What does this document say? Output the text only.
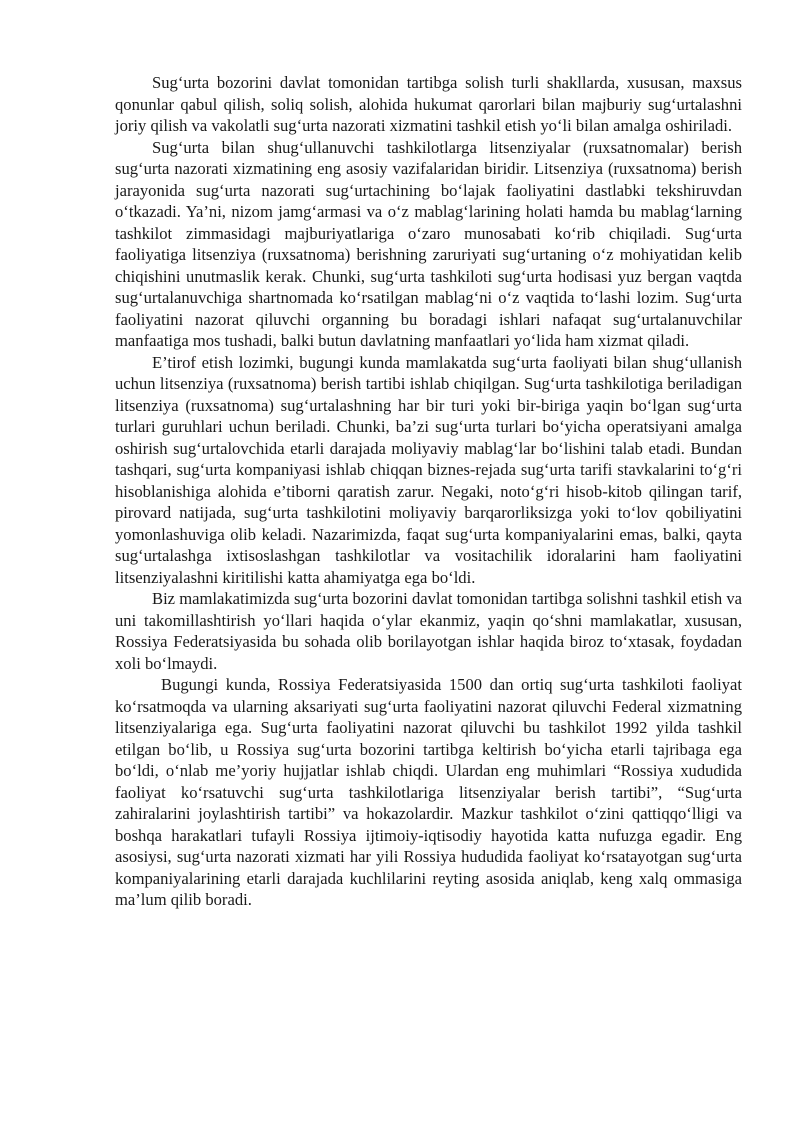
Sug‘urta bozorini davlat tomonidan tartibga solish turli shakllarda, xususan, maxsus qonunlar qabul qilish, soliq solish, alohida hukumat qarorlari bilan majburiy sug‘urtalashni joriy qilish va vakolatli sug‘urta nazorati xizmatini tashkil etish yo‘li bilan amalga oshiriladi.

Sug‘urta bilan shug‘ullanuvchi tashkilotlarga litsenziyalar (ruxsatnomalar) berish sug‘urta nazorati xizmatining eng asosiy vazifalaridan biridir. Litsenziya (ruxsatnoma) berish jarayonida sug‘urta nazorati sug‘urtachining bo‘lajak faoliyatini dastlabki tekshiruvdan o‘tkazadi. Ya’ni, nizom jamg‘armasi va o‘z mablag‘larining holati hamda bu mablag‘larning tashkilot zimmasidagi majburiyatlariga o‘zaro munosabati ko‘rib chiqiladi. Sug‘urta faoliyatiga litsenziya (ruxsatnoma) berishning zaruriyati sug‘urtaning o‘z mohiyatidan kelib chiqishini unutmaslik kerak. Chunki, sug‘urta tashkiloti sug‘urta hodisasi yuz bergan vaqtda sug‘urtalanuvchiga shartnomada ko‘rsatilgan mablag‘ni o‘z vaqtida to‘lashi lozim. Sug‘urta faoliyatini nazorat qiluvchi organning bu boradagi ishlari nafaqat sug‘urtalanuvchilar manfaatiga mos tushadi, balki butun davlatning manfaatlari yo‘lida ham xizmat qiladi.

E’tirof etish lozimki, bugungi kunda mamlakatda sug‘urta faoliyati bilan shug‘ullanish uchun litsenziya (ruxsatnoma) berish tartibi ishlab chiqilgan. Sug‘urta tashkilotiga beriladigan litsenziya (ruxsatnoma) sug‘urtalashning har bir turi yoki bir-biriga yaqin bo‘lgan sug‘urta turlari guruhlari uchun beriladi. Chunki, ba’zi sug‘urta turlari bo‘yicha operatsiyani amalga oshirish sug‘urtalovchida etarli darajada moliyaviy mablag‘lar bo‘lishini talab etadi. Bundan tashqari, sug‘urta kompaniyasi ishlab chiqqan biznes-rejada sug‘urta tarifi stavkalarini to‘g‘ri hisoblanishiga alohida e’tiborni qaratish zarur. Negaki, noto‘g‘ri hisob-kitob qilingan tarif, pirovard natijada, sug‘urta tashkilotini moliyaviy barqarorliksizga yoki to‘lov qobiliyatini yomonlashuviga olib keladi. Nazarimizda, faqat sug‘urta kompaniyalarini emas, balki, qayta sug‘urtalashga ixtisoslashgan tashkilotlar va vositachilik idoralarini ham faoliyatini litsenziyalashni kiritilishi katta ahamiyatga ega bo‘ldi.

Biz mamlakatimizda sug‘urta bozorini davlat tomonidan tartibga solishni tashkil etish va uni takomillashtirish yo‘llari haqida o‘ylar ekanmiz, yaqin qo‘shni mamlakatlar, xususan, Rossiya Federatsiyasida bu sohada olib borilayotgan ishlar haqida biroz to‘xtasak, foydadan xoli bo‘lmaydi.

Bugungi kunda, Rossiya Federatsiyasida 1500 dan ortiq sug‘urta tashkiloti faoliyat ko‘rsatmoqda va ularning aksariyati sug‘urta faoliyatini nazorat qiluvchi Federal xizmatning litsenziyalariga ega. Sug‘urta faoliyatini nazorat qiluvchi bu tashkilot 1992 yilda tashkil etilgan bo‘lib, u Rossiya sug‘urta bozorini tartibga keltirish bo‘yicha etarli tajribaga ega bo‘ldi, o‘nlab me’yoriy hujjatlar ishlab chiqdi. Ulardan eng muhimlari “Rossiya xududida faoliyat ko‘rsatuvchi sug‘urta tashkilotlariga litsenziyalar berish tartibi”, “Sug‘urta zahiralarini joylashtirish tartibi” va hokazolardir. Mazkur tashkilot o‘zini qattiqqo‘lligi va boshqa harakatlari tufayli Rossiya ijtimoiy-iqtisodiy hayotida katta nufuzga egadir. Eng asosiysi, sug‘urta nazorati xizmati har yili Rossiya hududida faoliyat ko‘rsatayotgan sug‘urta kompaniyalarining etarli darajada kuchlilarini reyting asosida aniqlab, keng xalq ommasiga ma’lum qilib boradi.
